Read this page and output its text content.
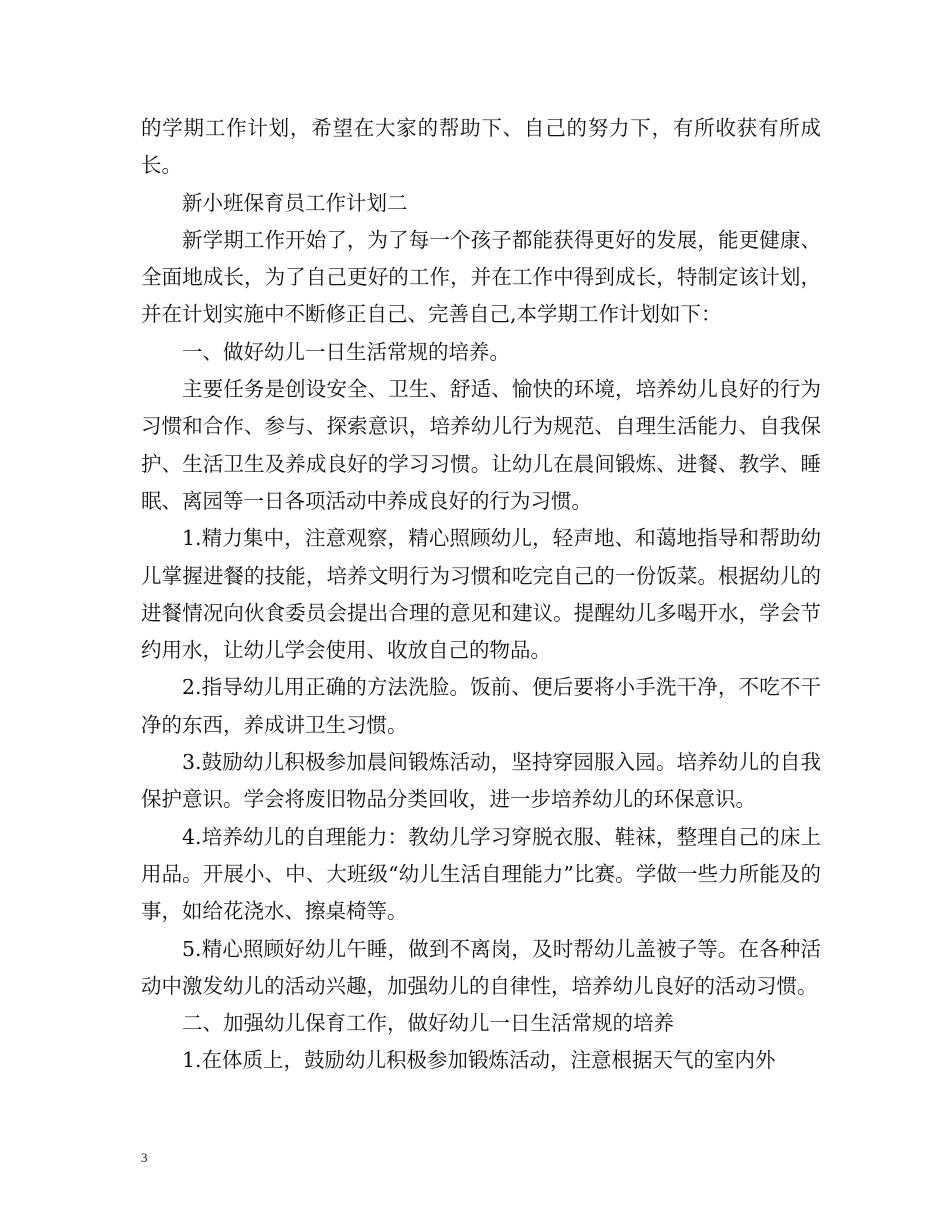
的学期工作计划，希望在大家的帮助下、自己的努力下，有所收获有所成长。

新小班保育员工作计划二

新学期工作开始了，为了每一个孩子都能获得更好的发展，能更健康、全面地成长，为了自己更好的工作，并在工作中得到成长，特制定该计划，并在计划实施中不断修正自己、完善自己,本学期工作计划如下：

一、做好幼儿一日生活常规的培养。

主要任务是创设安全、卫生、舒适、愉快的环境，培养幼儿良好的行为习惯和合作、参与、探索意识，培养幼儿行为规范、自理生活能力、自我保护、生活卫生及养成良好的学习习惯。让幼儿在晨间锻炼、进餐、教学、睡眠、离园等一日各项活动中养成良好的行为习惯。

1.精力集中，注意观察，精心照顾幼儿，轻声地、和蔼地指导和帮助幼儿掌握进餐的技能，培养文明行为习惯和吃完自己的一份饭菜。根据幼儿的进餐情况向伙食委员会提出合理的意见和建议。提醒幼儿多喝开水，学会节约用水，让幼儿学会使用、收放自己的物品。

2.指导幼儿用正确的方法洗脸。饭前、便后要将小手洗干净，不吃不干净的东西，养成讲卫生习惯。

3.鼓励幼儿积极参加晨间锻炼活动，坚持穿园服入园。培养幼儿的自我保护意识。学会将废旧物品分类回收，进一步培养幼儿的环保意识。

4.培养幼儿的自理能力：教幼儿学习穿脱衣服、鞋袜，整理自己的床上用品。开展小、中、大班级“幼儿生活自理能力”比赛。学做一些力所能及的事，如给花浇水、擦桌椅等。

5.精心照顾好幼儿午睡，做到不离岗，及时帮幼儿盖被子等。在各种活动中激发幼儿的活动兴趣，加强幼儿的自律性，培养幼儿良好的活动习惯。

二、加强幼儿保育工作，做好幼儿一日生活常规的培养

1.在体质上，鼓励幼儿积极参加锻炼活动，注意根据天气的室内外

3
